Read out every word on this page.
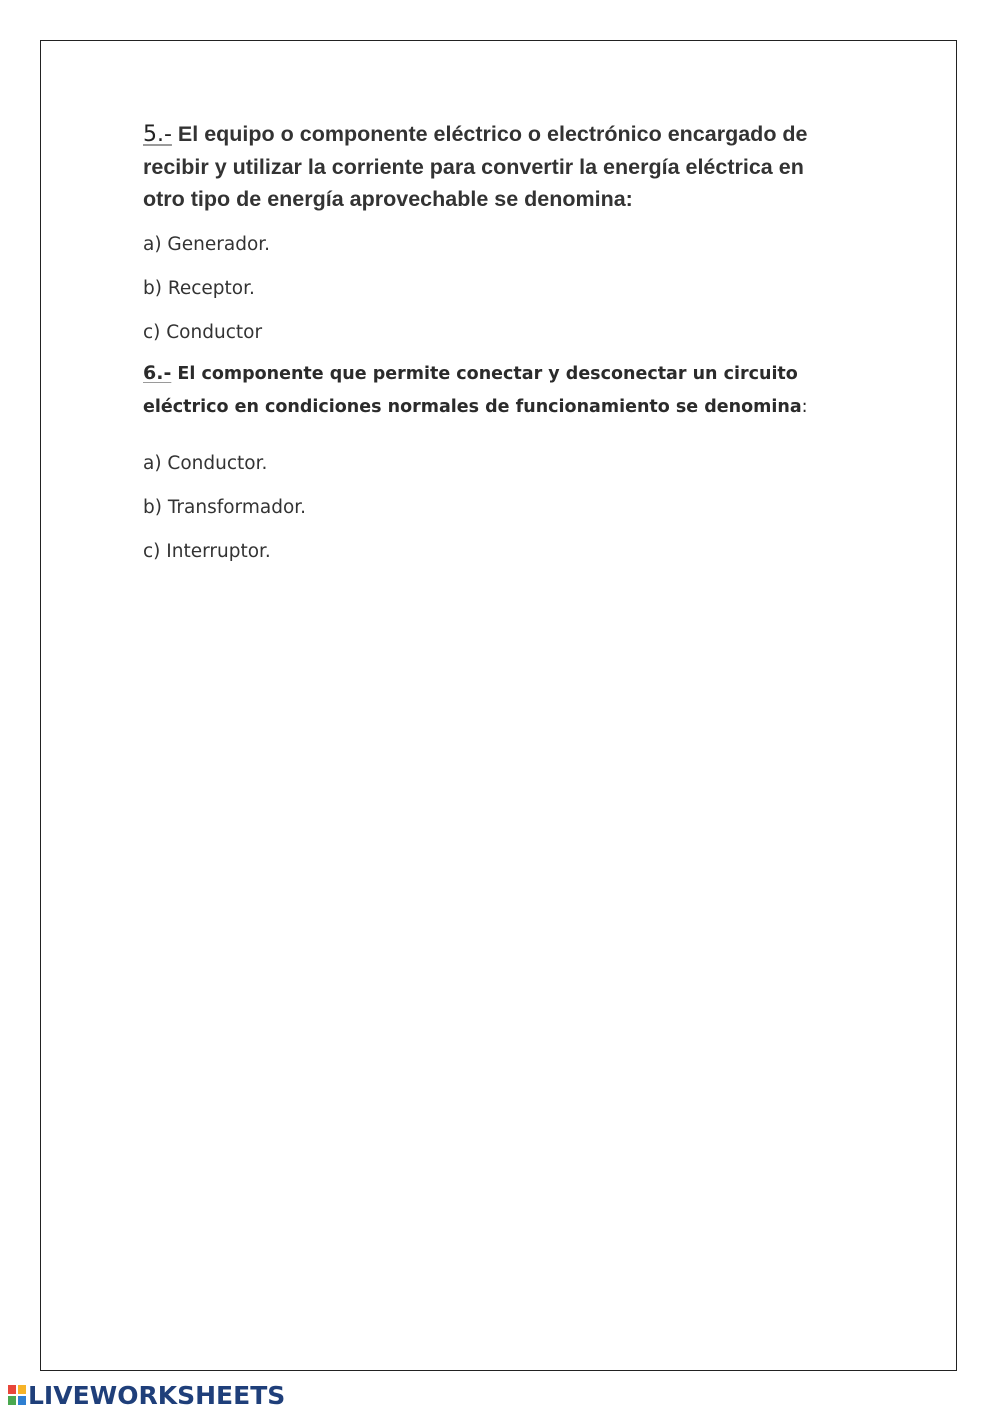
5.- El equipo o componente eléctrico o electrónico encargado de recibir y utilizar la corriente para convertir la energía eléctrica en otro tipo de energía aprovechable se denomina:

a) Generador.

b) Receptor.

c) Conductor

6.- El componente que permite conectar y desconectar un circuito eléctrico en condiciones normales de funcionamiento se denomina:

a) Conductor.

b) Transformador.

c) Interruptor.

LIVEWORKSHEETS
